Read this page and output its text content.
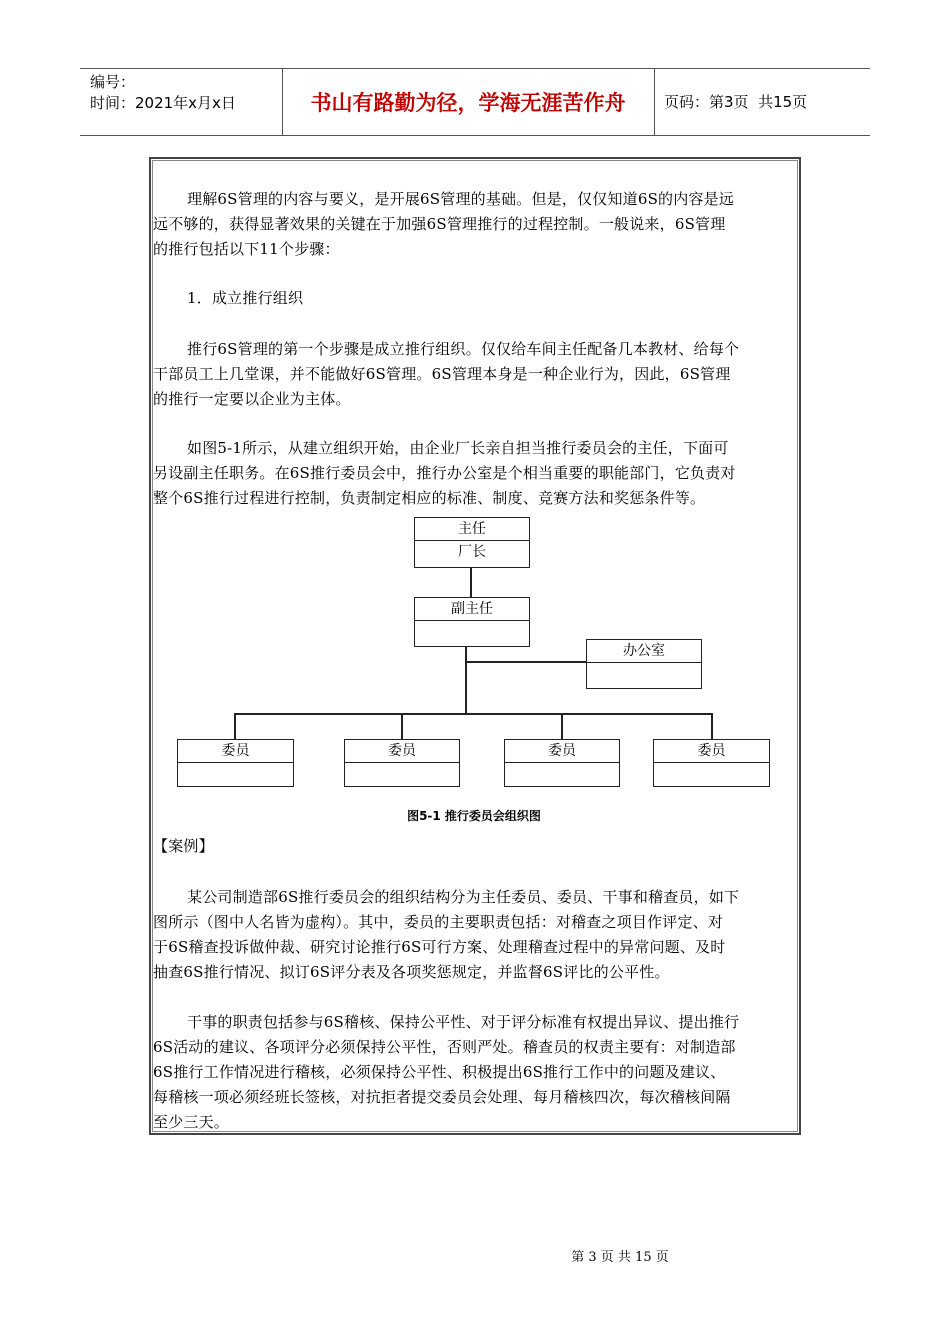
编号：
时间：2021年x月x日	书山有路勤为径，学海无涯苦作舟	页码：第3页  共15页
理解6S管理的内容与要义，是开展6S管理的基础。但是，仅仅知道6S的内容是远
远不够的，获得显著效果的关键在于加强6S管理推行的过程控制。一般说来，6S管理
的推行包括以下11个步骤：
1．成立推行组织
推行6S管理的第一个步骤是成立推行组织。仅仅给车间主任配备几本教材、给每个
干部员工上几堂课，并不能做好6S管理。6S管理本身是一种企业行为，因此，6S管理
的推行一定要以企业为主体。
如图5-1所示，从建立组织开始，由企业厂长亲自担当推行委员会的主任，下面可
另设副主任职务。在6S推行委员会中，推行办公室是个相当重要的职能部门，它负责对
整个6S推行过程进行控制，负责制定相应的标准、制度、竞赛方法和奖惩条件等。
主任
厂长
副主任
办公室
委员	委员	委员	委员
图5-1 推行委员会组织图
【案例】
某公司制造部6S推行委员会的组织结构分为主任委员、委员、干事和稽查员，如下
图所示（图中人名皆为虚构）。其中，委员的主要职责包括：对稽查之项目作评定、对
于6S稽查投诉做仲裁、研究讨论推行6S可行方案、处理稽查过程中的异常问题、及时
抽查6S推行情况、拟订6S评分表及各项奖惩规定，并监督6S评比的公平性。
干事的职责包括参与6S稽核、保持公平性、对于评分标准有权提出异议、提出推行
6S活动的建议、各项评分必须保持公平性，否则严处。稽查员的权责主要有：对制造部
6S推行工作情况进行稽核，必须保持公平性、积极提出6S推行工作中的问题及建议、
每稽核一项必须经班长签核，对抗拒者提交委员会处理、每月稽核四次，每次稽核间隔
至少三天。
第 3 页 共 15 页
